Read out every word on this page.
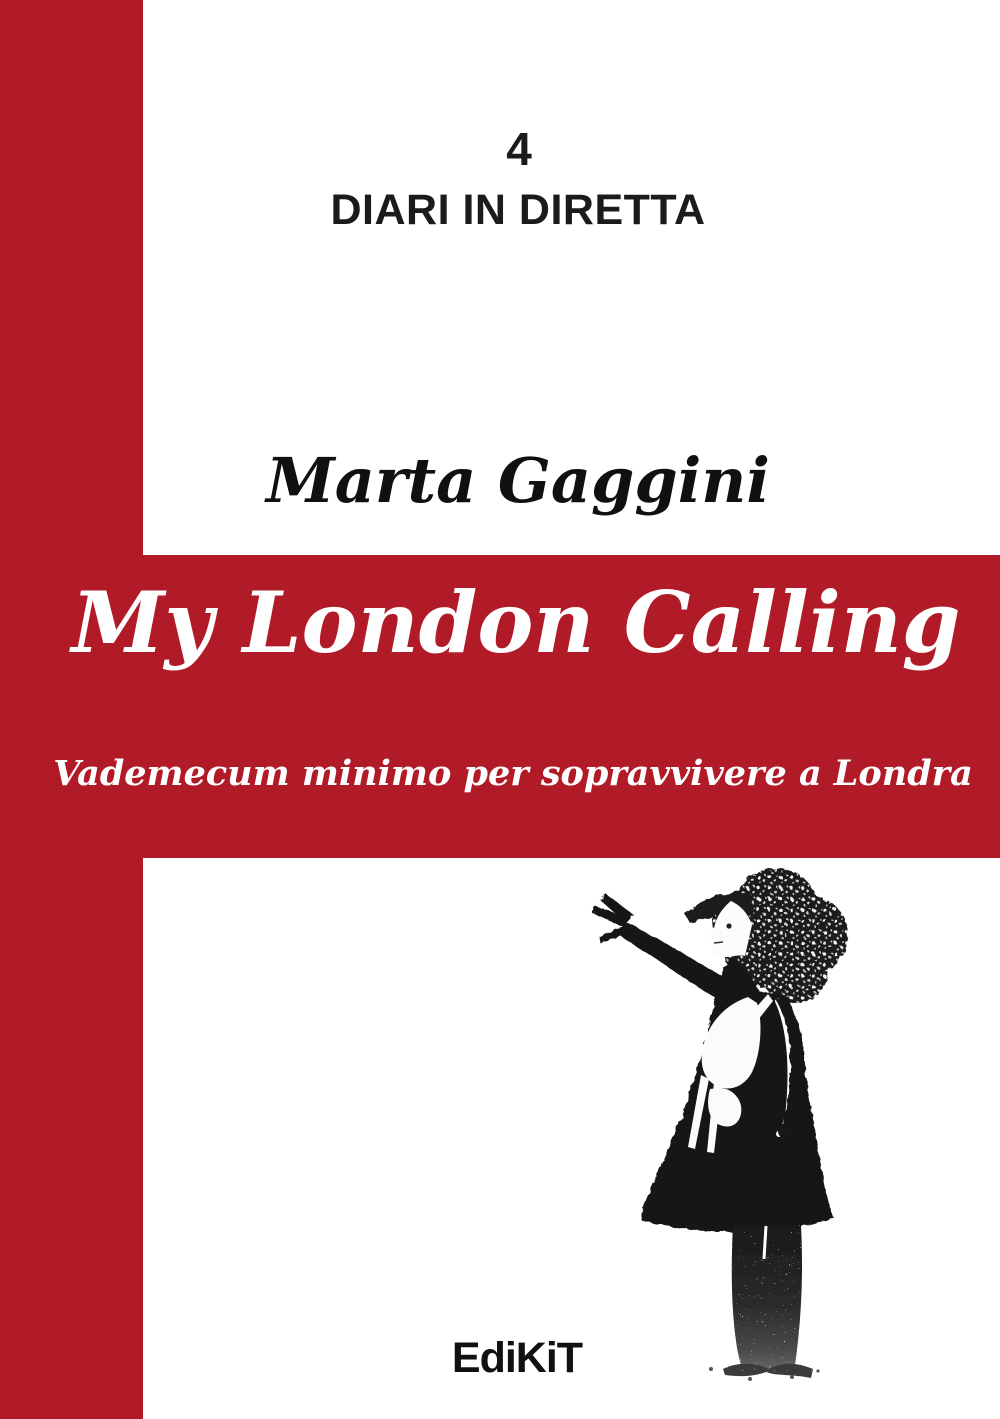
4
DIARI IN DIRETTA
Marta Gaggini
My London Calling
Vademecum minimo per sopravvivere a Londra
EdiKiT
